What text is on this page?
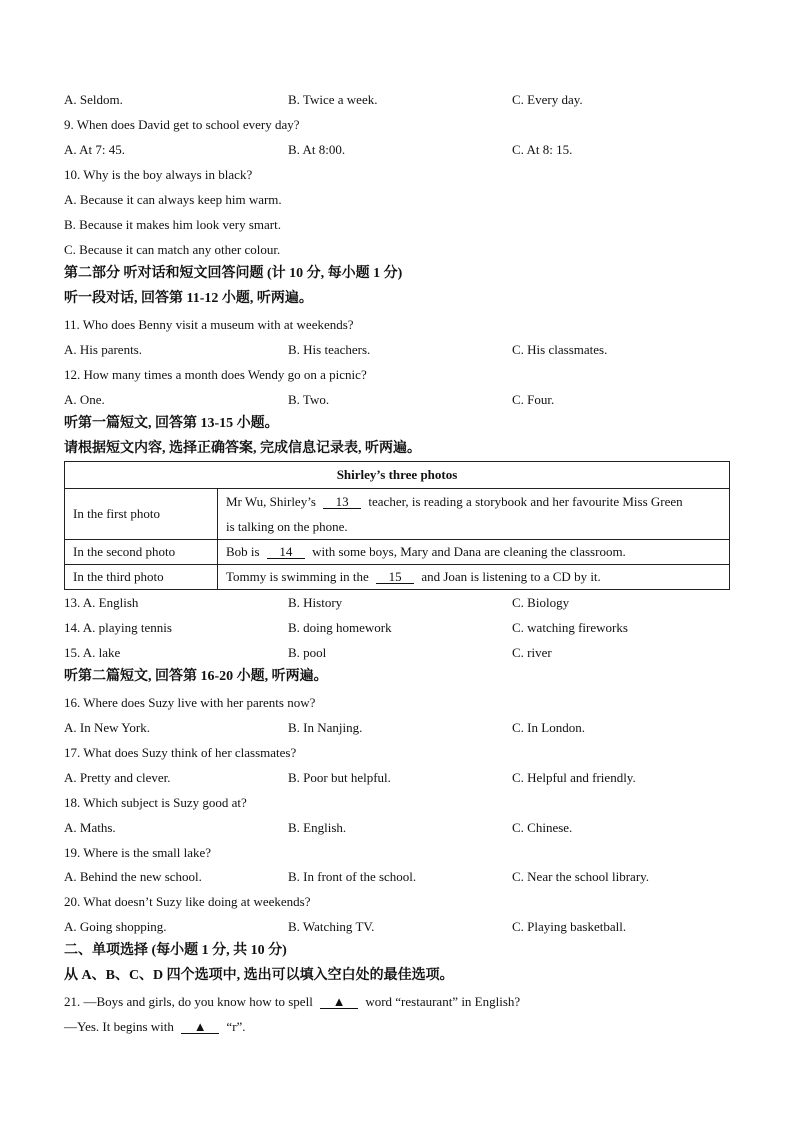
A. Seldom.	B. Twice a week.	C. Every day.
9. When does David get to school every day?
A. At 7: 45.	B. At 8:00.	C. At 8: 15.
10. Why is the boy always in black?
A. Because it can always keep him warm.
B. Because it makes him look very smart.
C. Because it can match any other colour.
第二部分 听对话和短文回答问题 (计 10 分, 每小题 1 分)
听一段对话, 回答第 11-12 小题, 听两遍。
11. Who does Benny visit a museum with at weekends?
A. His parents.	B. His teachers.	C. His classmates.
12. How many times a month does Wendy go on a picnic?
A. One.	B. Two.	C. Four.
听第一篇短文, 回答第 13-15 小题。
请根据短文内容, 选择正确答案, 完成信息记录表, 听两遍。
Shirley’s three photos	
In the first photo	Mr Wu, Shirley’s 13 teacher, is reading a storybook and her favourite Miss Green
is talking on the phone.
In the second photo	Bob is 14 with some boys, Mary and Dana are cleaning the classroom.
In the third photo	Tommy is swimming in the 15 and Joan is listening to a CD by it.
13. A. English	B. History	C. Biology
14. A. playing tennis	B. doing homework	C. watching fireworks
15. A. lake	B. pool	C. river
听第二篇短文, 回答第 16-20 小题, 听两遍。
16. Where does Suzy live with her parents now?
A. In New York.	B. In Nanjing.	C. In London.
17. What does Suzy think of her classmates?
A. Pretty and clever.	B. Poor but helpful.	C. Helpful and friendly.
18. Which subject is Suzy good at?
A. Maths.	B. English.	C. Chinese.
19. Where is the small lake?
A. Behind the new school.	B. In front of the school.	C. Near the school library.
20. What doesn’t Suzy like doing at weekends?
A. Going shopping.	B. Watching TV.	C. Playing basketball.
二、单项选择 (每小题 1 分, 共 10 分)
从 A、B、C、D 四个选项中, 选出可以填入空白处的最佳选项。
21. —Boys and girls, do you know how to spell ▲ word “restaurant” in English?
—Yes. It begins with ▲ “r”.
